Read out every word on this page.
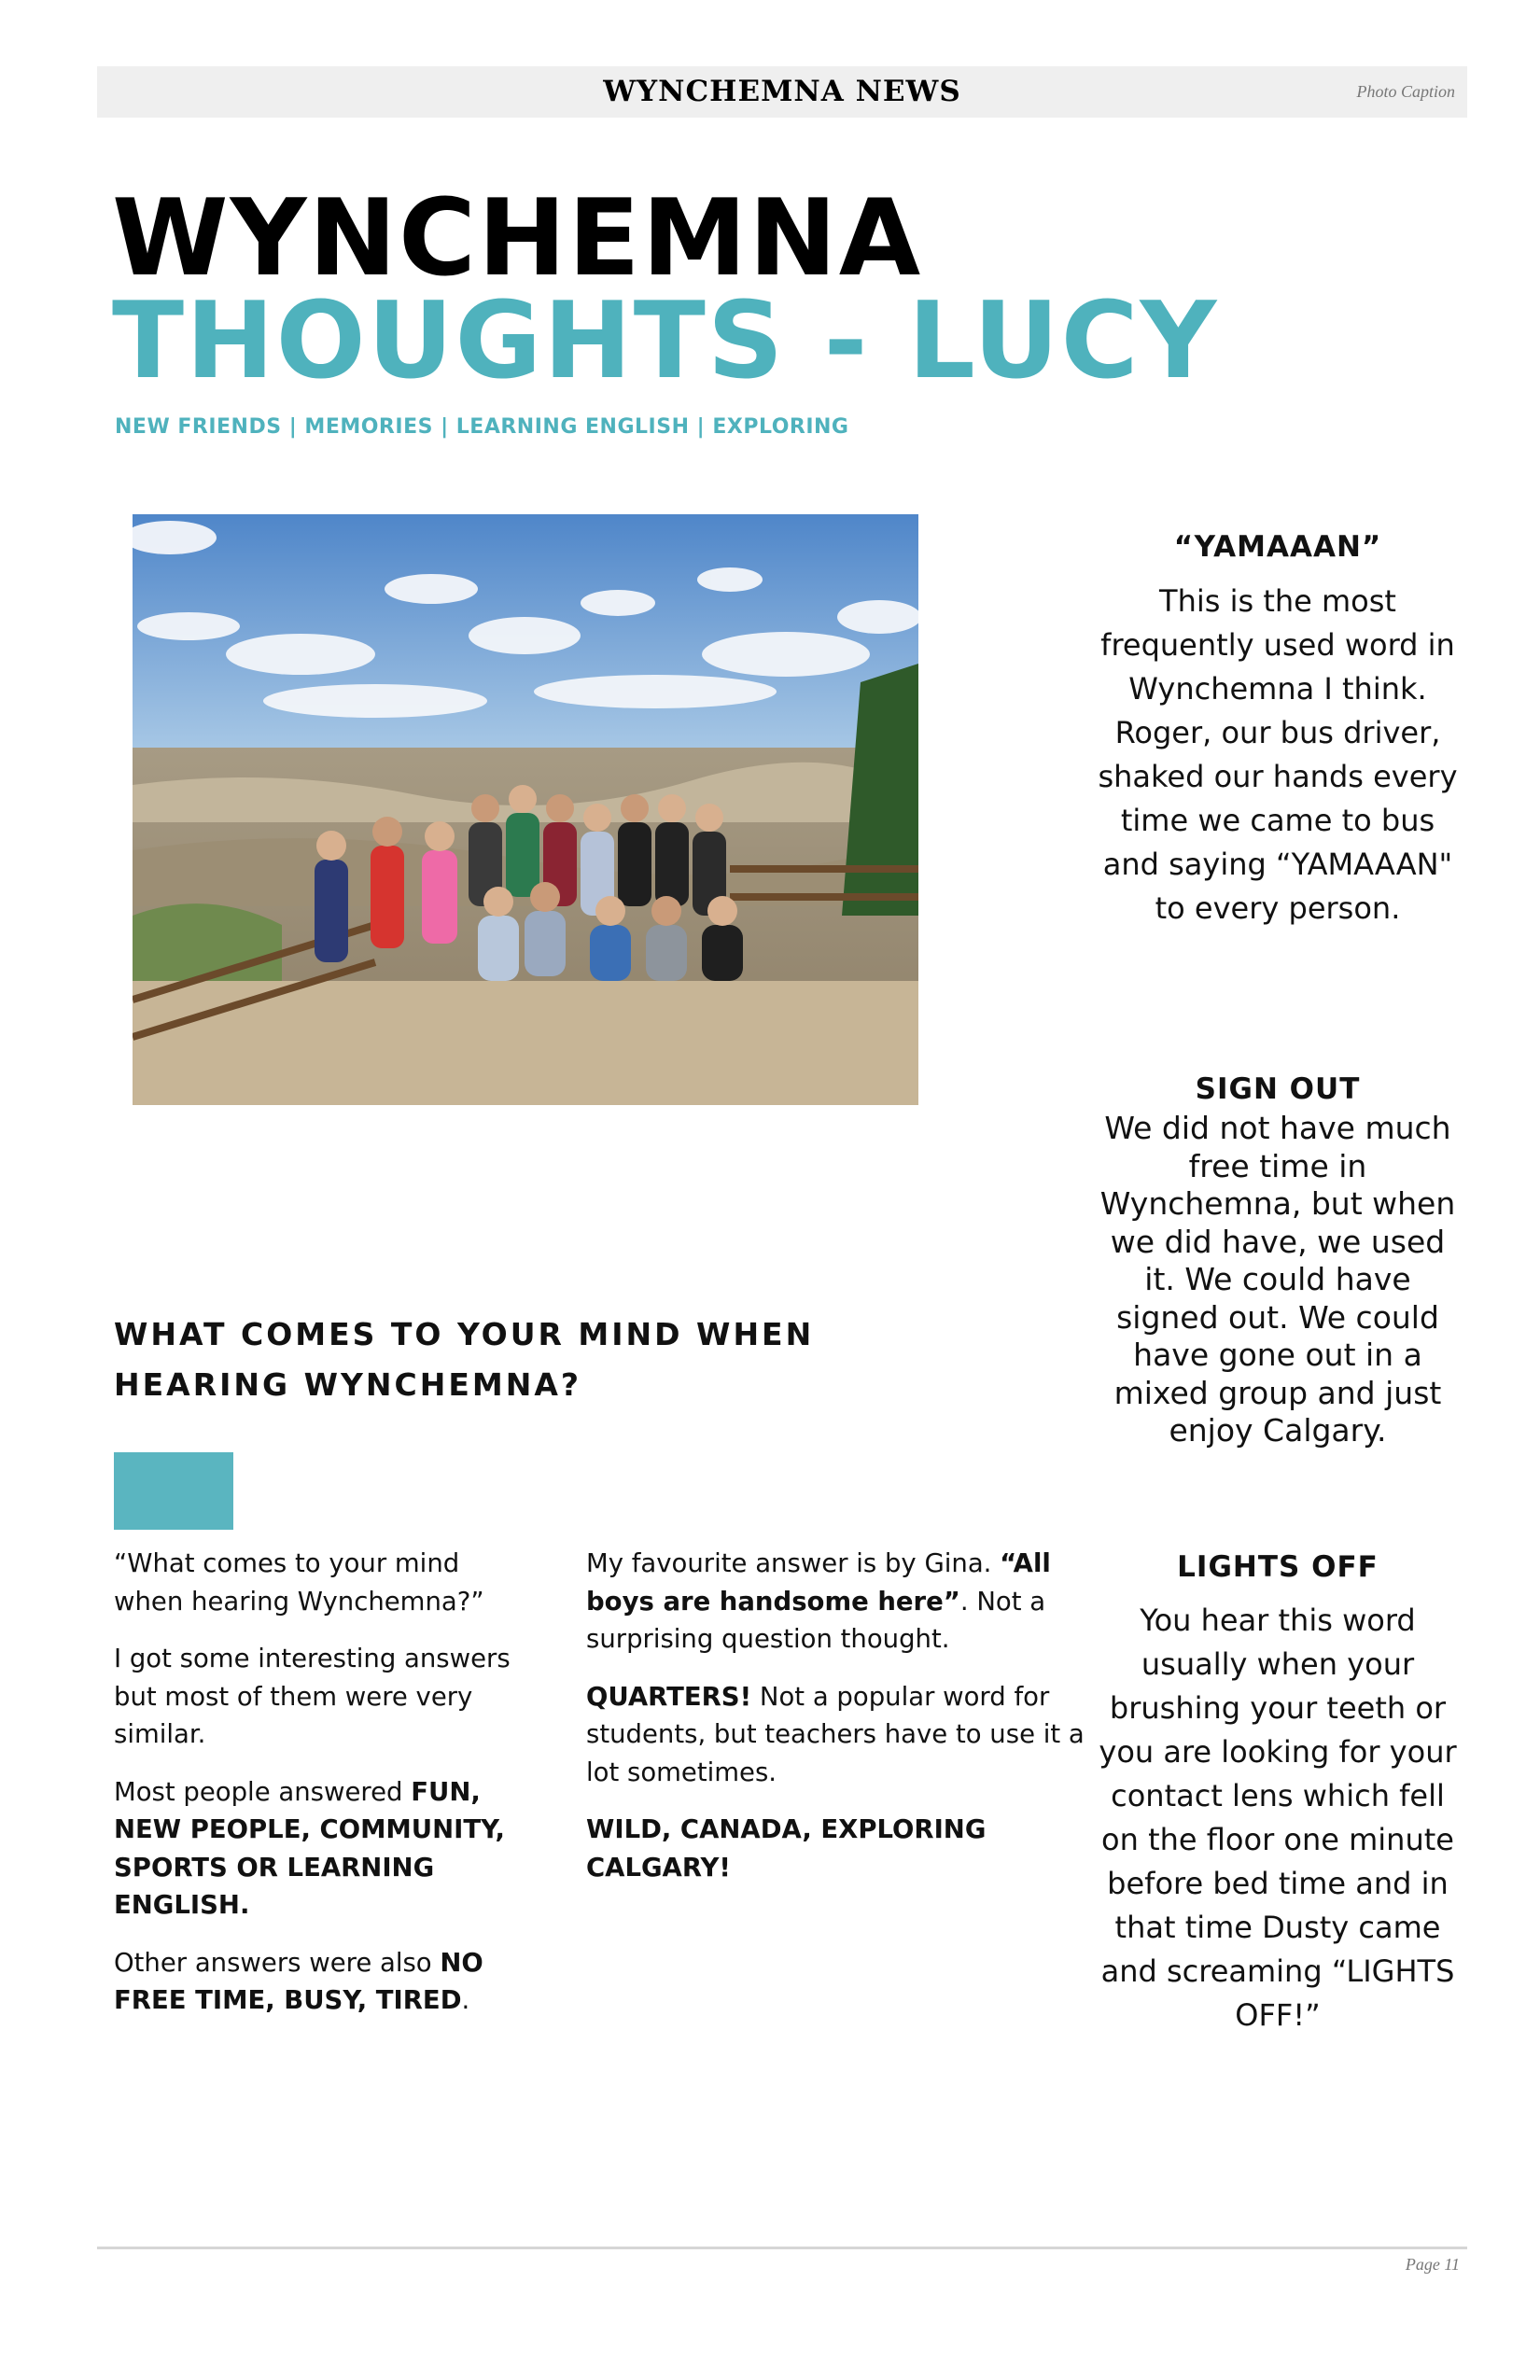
WYNCHEMNA NEWS	Photo Caption
WYNCHEMNA
THOUGHTS - LUCY
NEW FRIENDS | MEMORIES | LEARNING ENGLISH | EXPLORING
“YAMAAAN”
This is the most frequently used word in Wynchemna I think. Roger, our bus driver, shaked our hands every time we came to bus and saying “YAMAAAN" to every person.
SIGN OUT
We did not have much free time in Wynchemna, but when we did have, we used it. We could have signed out. We could have gone out in a mixed group and just enjoy Calgary.
LIGHTS OFF
You hear this word usually when your brushing your teeth or you are looking for your contact lens which fell on the floor one minute before bed time and in that time Dusty came and screaming “LIGHTS OFF!”
WHAT COMES TO YOUR MIND WHEN HEARING WYNCHEMNA?

“What comes to your mind when hearing Wynchemna?”

I got some interesting answers but most of them were very similar.

Most people answered FUN, NEW PEOPLE, COMMUNITY, SPORTS OR LEARNING ENGLISH.

Other answers were also NO FREE TIME, BUSY, TIRED.

My favourite answer is by Gina. “All boys are handsome here”. Not a surprising question thought.

QUARTERS! Not a popular word for students, but teachers have to use it a lot sometimes.

WILD, CANADA, EXPLORING CALGARY!

Page 11
